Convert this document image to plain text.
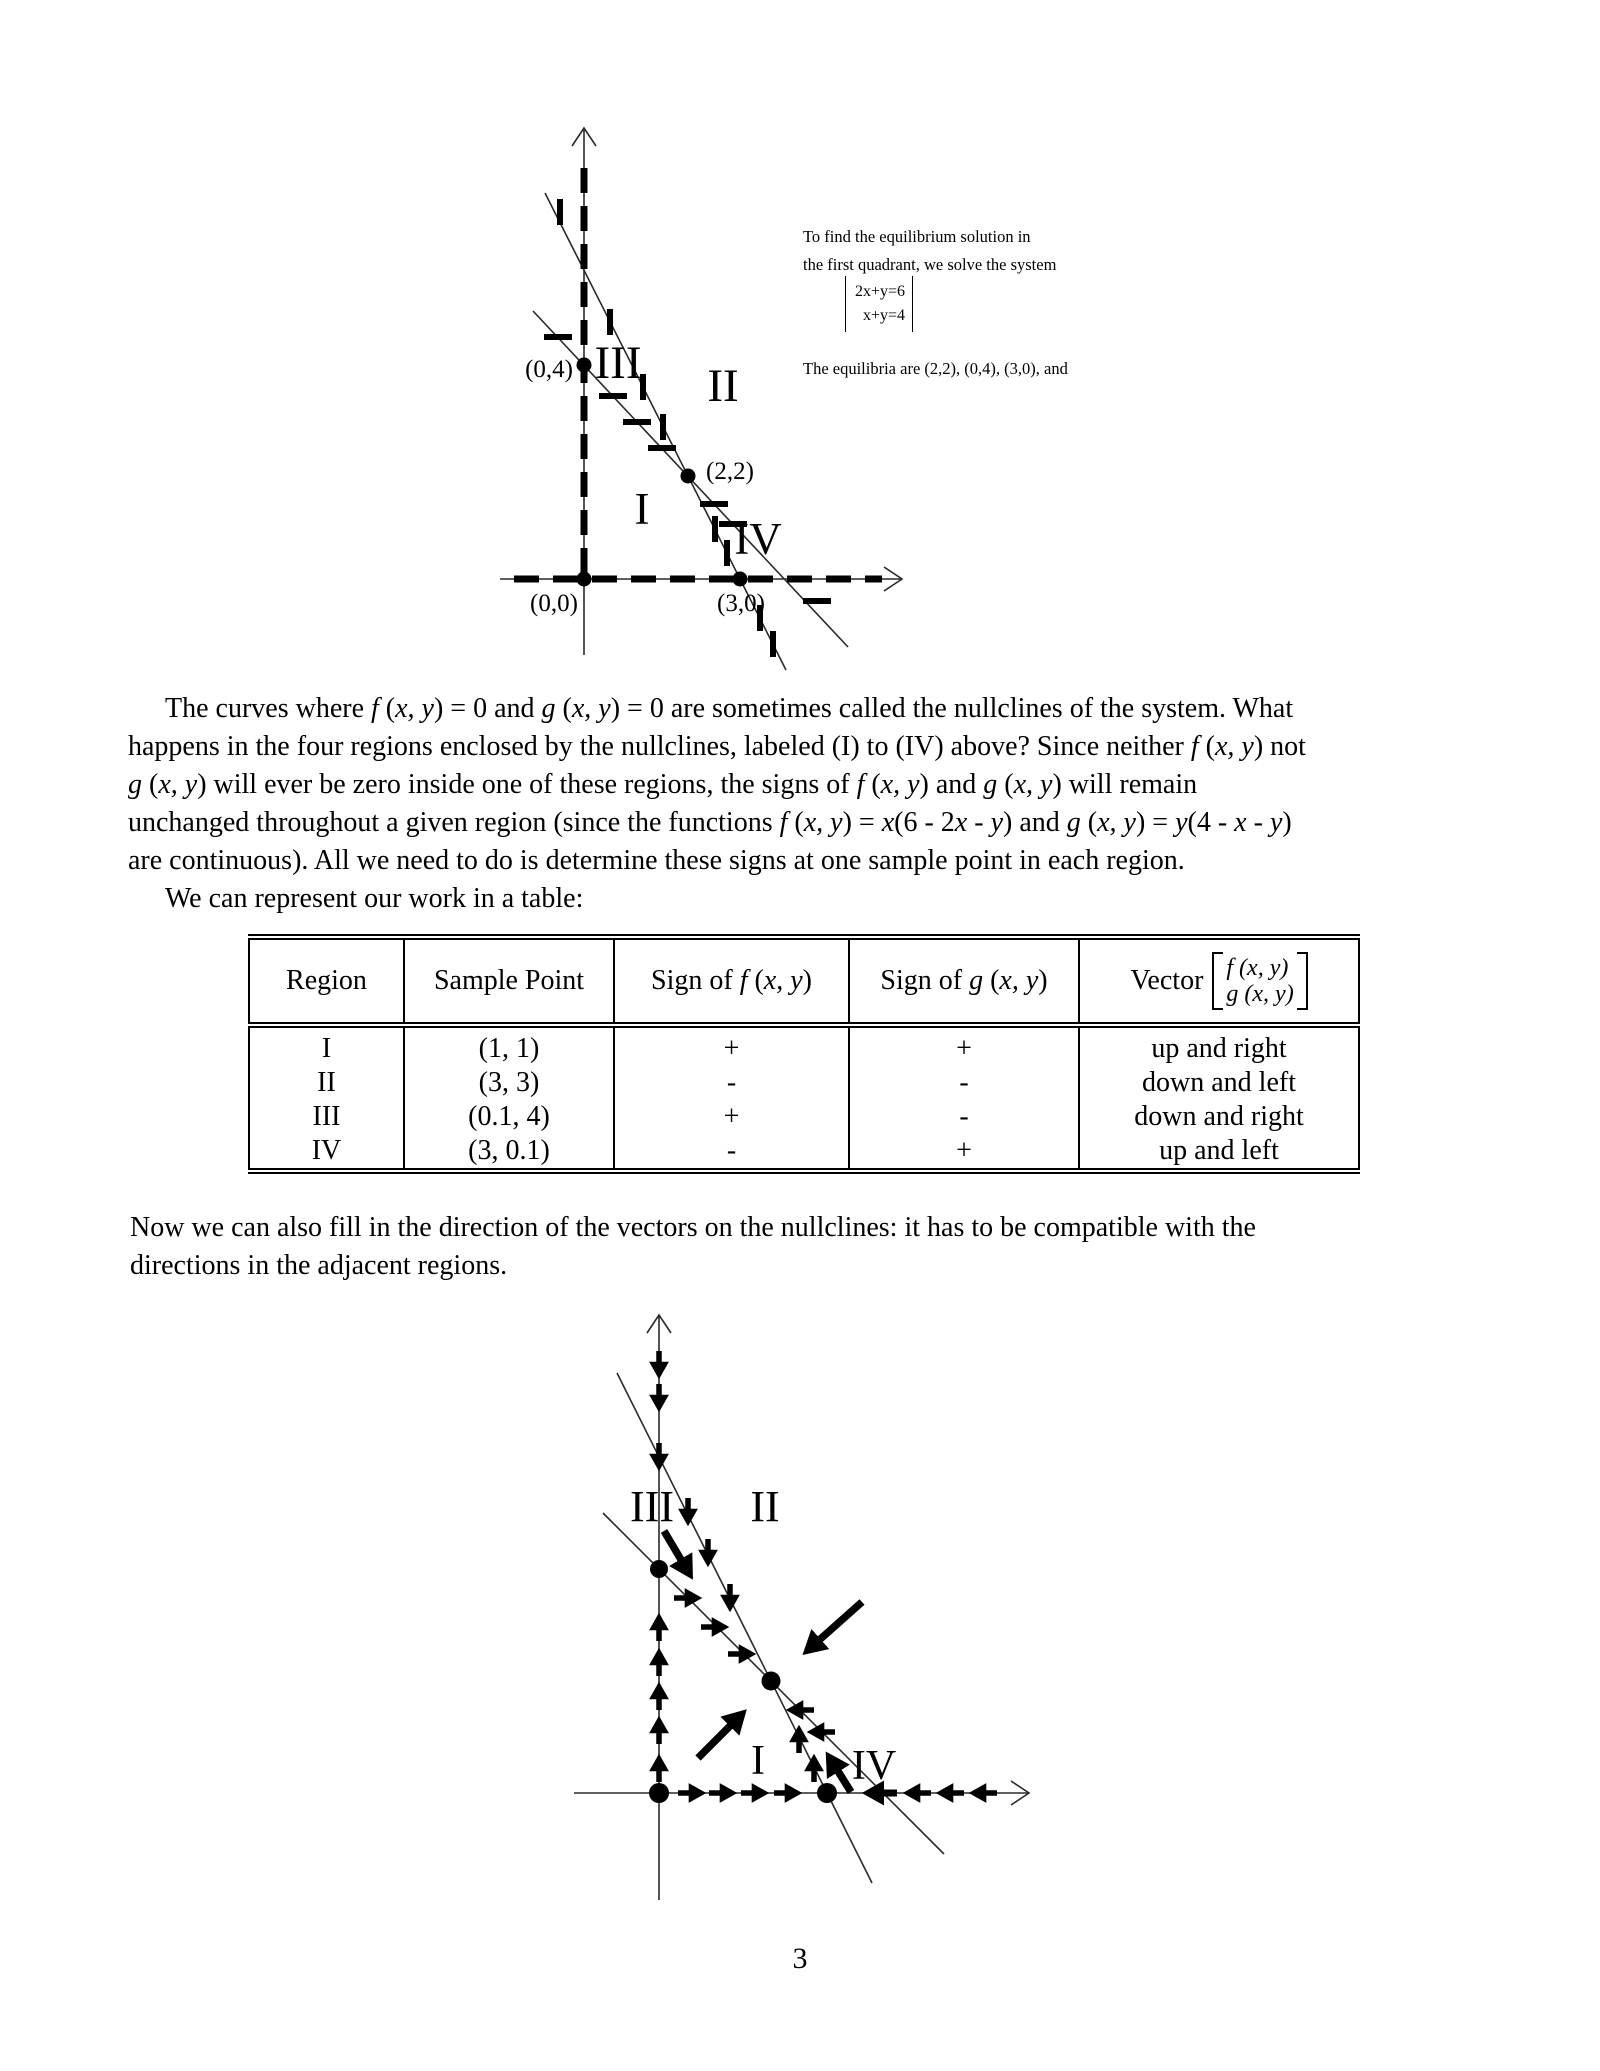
(0,4)
(2,2)
(0,0)	(3,0)
III II
I
IV
To find the equilibrium solution in
the first quadrant, we solve the system
2x+y=6
x+y=4
The equilibria are (2,2), (0,4), (3,0), and
The curves where f (x, y) = 0 and g (x, y) = 0 are sometimes called the nullclines of the system. What
happens in the four regions enclosed by the nullclines, labeled (I) to (IV) above? Since neither f (x, y) not
g (x, y) will ever be zero inside one of these regions, the signs of f (x, y) and g (x, y) will remain
unchanged throughout a given region (since the functions f (x, y) = x(6 - 2x - y) and g (x, y) = y(4 - x - y)
are continuous). All we need to do is determine these signs at one sample point in each region.
We can represent our work in a table:
Region	Sample Point	Sign of f (x, y)	Sign of g (x, y)	Vector f (x, y)
g (x, y)

I	(1, 1)	+	+	up and right
II	(3, 3)	-	-	down and left
III	(0.1, 4)	+	-	down and right
IV	(3, 0.1)	-	+	up and left
Now we can also fill in the direction of the vectors on the nullclines: it has to be compatible with the
directions in the adjacent regions.
III II
I IV
3
